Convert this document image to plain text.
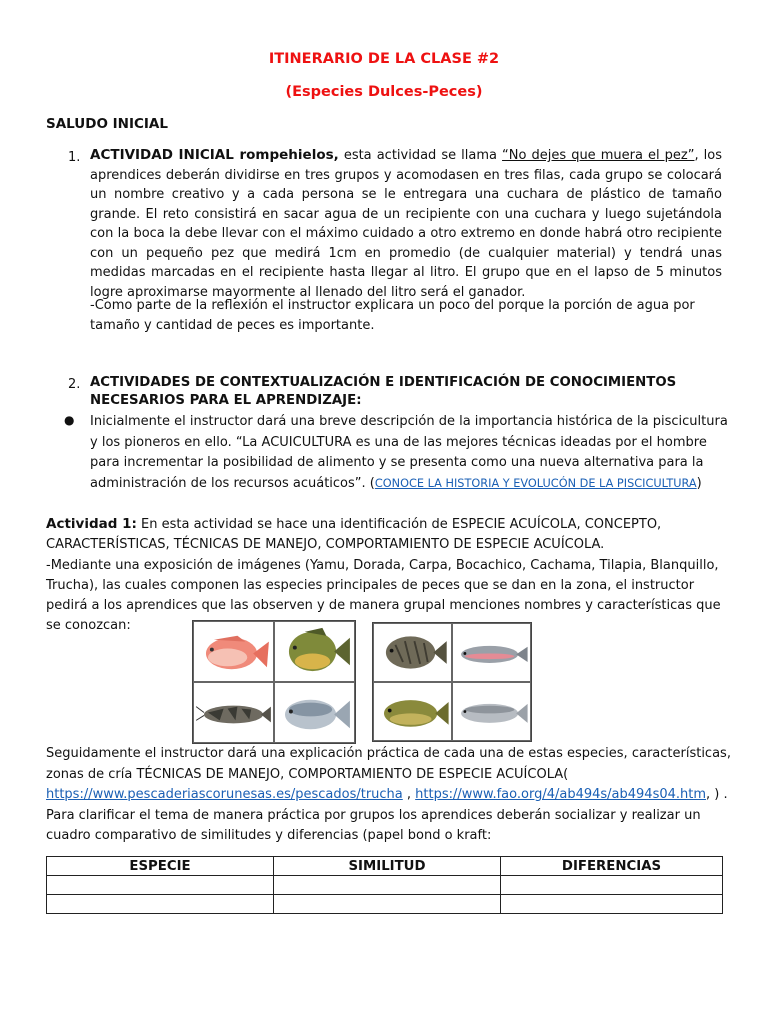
ITINERARIO DE LA CLASE #2
(Especies Dulces-Peces)
SALUDO INICIAL
1. ACTIVIDAD INICIAL rompehielos, esta actividad se llama “No dejes que muera el pez”, los aprendices deberán dividirse en tres grupos y acomodasen en tres filas, cada grupo se colocará un nombre creativo y a cada persona se le entregara una cuchara de plástico de tamaño grande. El reto consistirá en sacar agua de un recipiente con una cuchara y luego sujetándola con la boca la debe llevar con el máximo cuidado a otro extremo en donde habrá otro recipiente con un pequeño pez que medirá 1cm en promedio (de cualquier material) y tendrá unas medidas marcadas en el recipiente hasta llegar al litro. El grupo que en el lapso de 5 minutos logre aproximarse mayormente al llenado del litro será el ganador.
-Como parte de la reflexión el instructor explicara un poco del porque la porción de agua por tamaño y cantidad de peces es importante.
2. ACTIVIDADES DE CONTEXTUALIZACIÓN E IDENTIFICACIÓN DE CONOCIMIENTOS NECESARIOS PARA EL APRENDIZAJE:
● Inicialmente el instructor dará una breve descripción de la importancia histórica de la piscicultura y los pioneros en ello. “La ACUICULTURA es una de las mejores técnicas ideadas por el hombre para incrementar la posibilidad de alimento y se presenta como una nueva alternativa para la administración de los recursos acuáticos”. (CONOCE LA HISTORIA Y EVOLUCÓN DE LA PISCICULTURA)
Actividad 1: En esta actividad se hace una identificación de ESPECIE ACUÍCOLA, CONCEPTO, CARACTERÍSTICAS, TÉCNICAS DE MANEJO, COMPORTAMIENTO DE ESPECIE ACUÍCOLA.
-Mediante una exposición de imágenes (Yamu, Dorada, Carpa, Bocachico, Cachama, Tilapia, Blanquillo, Trucha), las cuales componen las especies principales de peces que se dan en la zona, el instructor pedirá a los aprendices que las observen y de manera grupal menciones nombres y características que se conozcan:
Seguidamente el instructor dará una explicación práctica de cada una de estas especies, características, zonas de cría TÉCNICAS DE MANEJO, COMPORTAMIENTO DE ESPECIE ACUÍCOLA(
https://www.pescaderiascorunesas.es/pescados/trucha , https://www.fao.org/4/ab494s/ab494s04.htm, ) .
Para clarificar el tema de manera práctica por grupos los aprendices deberán socializar y realizar un cuadro comparativo de similitudes y diferencias (papel bond o kraft:
ESPECIE	SIMILITUD	DIFERENCIAS
